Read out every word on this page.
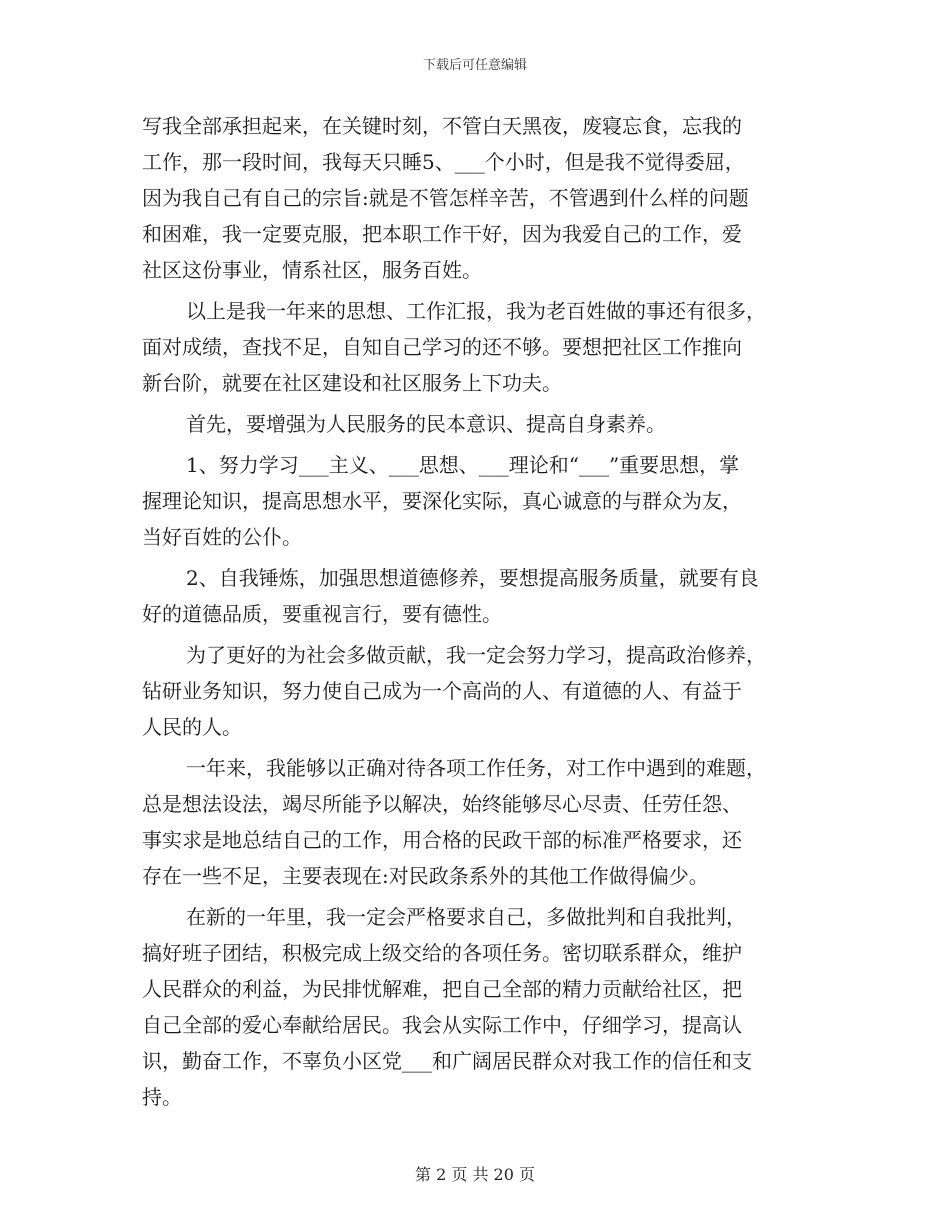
下载后可任意编辑
写我全部承担起来，在关键时刻，不管白天黑夜，废寝忘食，忘我的
工作，那一段时间，我每天只睡5、___个小时，但是我不觉得委屈，
因为我自己有自己的宗旨:就是不管怎样辛苦，不管遇到什么样的问题
和困难，我一定要克服，把本职工作干好，因为我爱自己的工作，爱
社区这份事业，情系社区，服务百姓。
以上是我一年来的思想、工作汇报，我为老百姓做的事还有很多，
面对成绩，查找不足，自知自己学习的还不够。要想把社区工作推向
新台阶，就要在社区建设和社区服务上下功夫。
首先，要增强为人民服务的民本意识、提高自身素养。
1、努力学习___主义、___思想、___理论和“___”重要思想，掌
握理论知识，提高思想水平，要深化实际，真心诚意的与群众为友，
当好百姓的公仆。
2、自我锤炼，加强思想道德修养，要想提高服务质量，就要有良
好的道德品质，要重视言行，要有德性。
为了更好的为社会多做贡献，我一定会努力学习，提高政治修养，
钻研业务知识，努力使自己成为一个高尚的人、有道德的人、有益于
人民的人。
一年来，我能够以正确对待各项工作任务，对工作中遇到的难题，
总是想法设法，竭尽所能予以解决，始终能够尽心尽责、任劳任怨、
事实求是地总结自己的工作，用合格的民政干部的标准严格要求，还
存在一些不足，主要表现在:对民政条系外的其他工作做得偏少。
在新的一年里，我一定会严格要求自己，多做批判和自我批判，
搞好班子团结，积极完成上级交给的各项任务。密切联系群众，维护
人民群众的利益，为民排忧解难，把自己全部的精力贡献给社区，把
自己全部的爱心奉献给居民。我会从实际工作中，仔细学习，提高认
识，勤奋工作，不辜负小区党___和广阔居民群众对我工作的信任和支
持。
第 2 页 共 20 页
